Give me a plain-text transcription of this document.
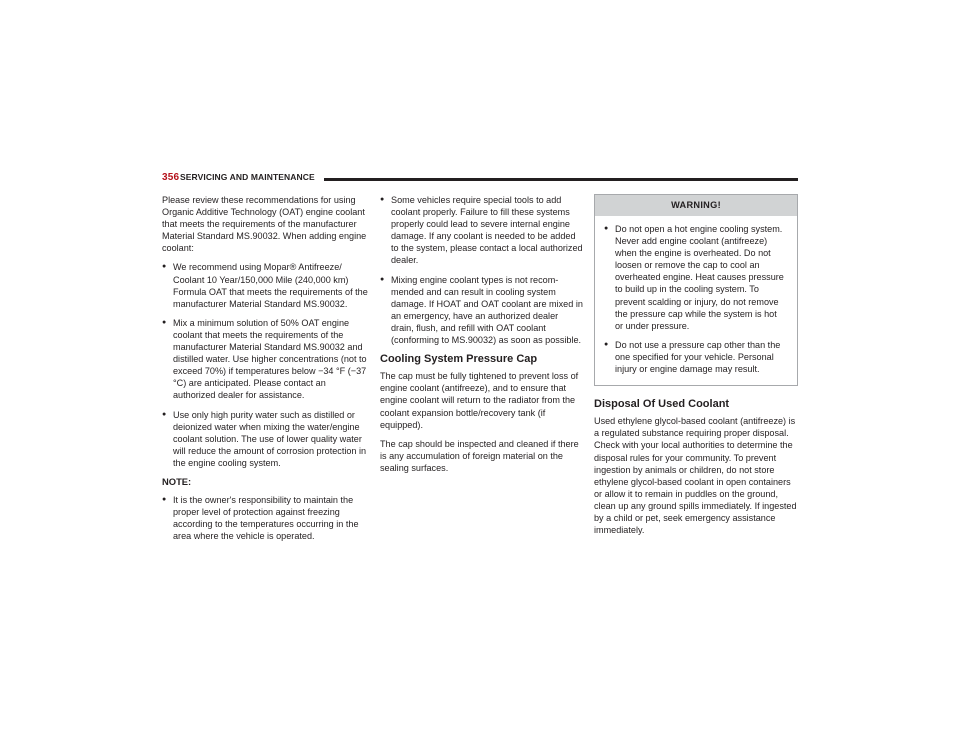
356 SERVICING AND MAINTENANCE

Please review these recommendations for using Organic Additive Technology (OAT) engine coolant that meets the requirements of the manufacturer Material Standard MS.90032. When adding engine coolant:

● We recommend using Mopar® Antifreeze/ Coolant 10 Year/150,000 Mile (240,000 km) Formula OAT that meets the requirements of the manufacturer Material Standard MS.90032.
● Mix a minimum solution of 50% OAT engine coolant that meets the requirements of the manufacturer Material Standard MS.90032 and distilled water. Use higher concentrations (not to exceed 70%) if temperatures below −34 °F (−37 °C) are anticipated. Please contact an authorized dealer for assistance.
● Use only high purity water such as distilled or deionized water when mixing the water/engine coolant solution. The use of lower quality water will reduce the amount of corrosion protection in the engine cooling system.
NOTE:
● It is the owner's responsibility to maintain the proper level of protection against freezing according to the temperatures occurring in the area where the vehicle is operated.
● Some vehicles require special tools to add coolant properly. Failure to fill these systems properly could lead to severe internal engine damage. If any coolant is needed to be added to the system, please contact a local authorized dealer.
● Mixing engine coolant types is not recom-mended and can result in cooling system damage. If HOAT and OAT coolant are mixed in an emergency, have an authorized dealer drain, flush, and refill with OAT coolant (conforming to MS.90032) as soon as possible.
Cooling System Pressure Cap

The cap must be fully tightened to prevent loss of engine coolant (antifreeze), and to ensure that engine coolant will return to the radiator from the coolant expansion bottle/recovery tank (if equipped).

The cap should be inspected and cleaned if there is any accumulation of foreign material on the sealing surfaces.

WARNING!
● Do not open a hot engine cooling system. Never add engine coolant (antifreeze) when the engine is overheated. Do not loosen or remove the cap to cool an overheated engine. Heat causes pressure to build up in the cooling system. To prevent scalding or injury, do not remove the pressure cap while the system is hot or under pressure.
● Do not use a pressure cap other than the one specified for your vehicle. Personal injury or engine damage may result.
Disposal Of Used Coolant

Used ethylene glycol-based coolant (antifreeze) is a regulated substance requiring proper disposal. Check with your local authorities to determine the disposal rules for your community. To prevent ingestion by animals or children, do not store ethylene glycol-based coolant in open containers or allow it to remain in puddles on the ground, clean up any ground spills immediately. If ingested by a child or pet, seek emergency assistance immediately.
